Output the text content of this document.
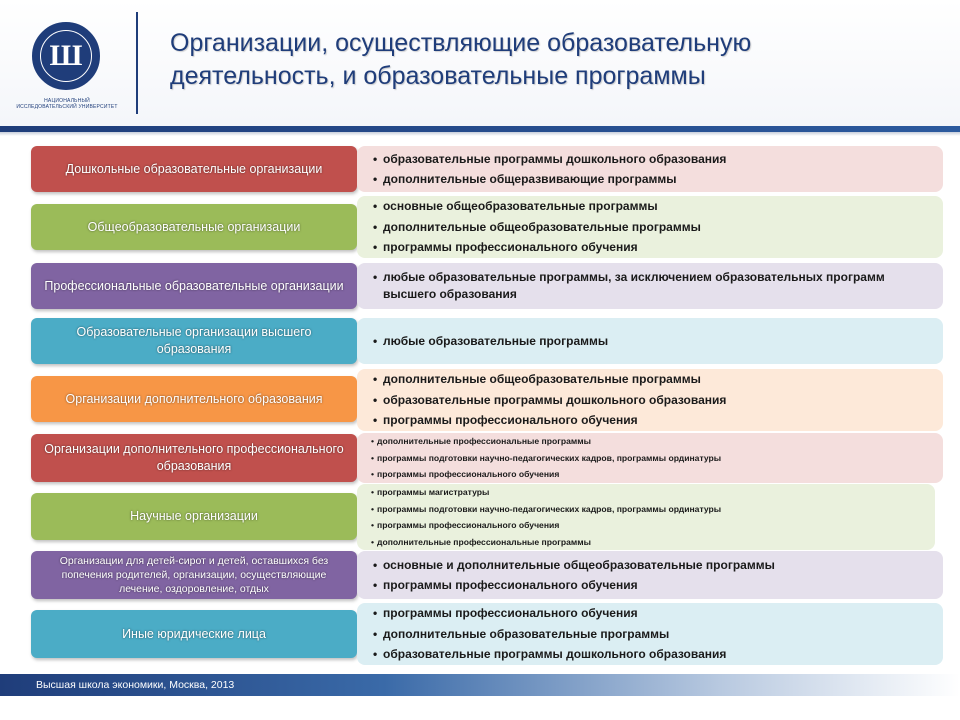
Ш
НАЦИОНАЛЬНЫЙ ИССЛЕДОВАТЕЛЬСКИЙ УНИВЕРСИТЕТ
Организации, осуществляющие образовательную
деятельность, и образовательные программы
Дошкольные образовательные организации
• образовательные программы дошкольного образования
• дополнительные общеразвивающие программы
Общеобразовательные организации
• основные общеобразовательные программы
• дополнительные общеобразовательные программы
• программы профессионального обучения
Профессиональные образовательные организации
• любые образовательные программы, за исключением образовательных программ высшего образования
Образовательные организации высшего образования
• любые образовательные программы
Организации дополнительного образования
• дополнительные общеобразовательные программы
• образовательные программы дошкольного образования
• программы профессионального обучения
Организации дополнительного профессионального образования
• дополнительные профессиональные программы
• программы подготовки научно-педагогических кадров, программы ординатуры
• программы профессионального обучения
Научные организации
• программы магистратуры
• программы подготовки научно-педагогических кадров, программы ординатуры
• программы профессионального обучения
• дополнительные профессиональные программы
Организации для детей-сирот и детей, оставшихся без попечения родителей, организации, осуществляющие лечение, оздоровление, отдых
• основные и дополнительные общеобразовательные программы
• программы профессионального обучения
Иные юридические лица
• программы профессионального обучения
• дополнительные образовательные программы
• образовательные программы дошкольного образования
Высшая школа экономики, Москва, 2013
